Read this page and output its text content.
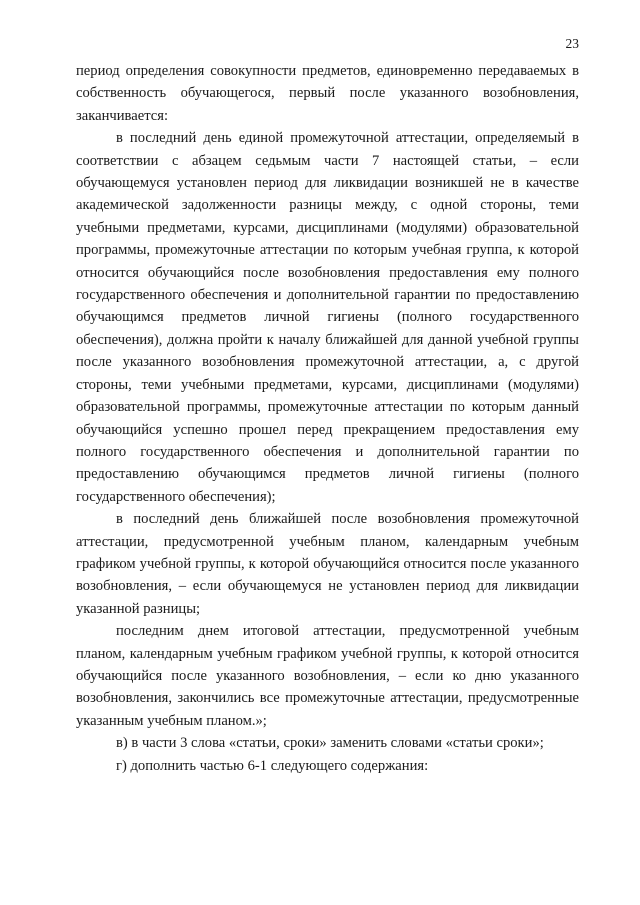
23

период определения совокупности предметов, единовременно передаваемых в собственность обучающегося, первый после указанного возобновления, заканчивается:

в последний день единой промежуточной аттестации, определяемый в соответствии с абзацем седьмым части 7 настоящей статьи, – если обучающемуся установлен период для ликвидации возникшей не в качестве академической задолженности разницы между, с одной стороны, теми учебными предметами, курсами, дисциплинами (модулями) образовательной программы, промежуточные аттестации по которым учебная группа, к которой относится обучающийся после возобновления предоставления ему полного государственного обеспечения и дополнительной гарантии по предоставлению обучающимся предметов личной гигиены (полного государственного обеспечения), должна пройти к началу ближайшей для данной учебной группы после указанного возобновления промежуточной аттестации, а, с другой стороны, теми учебными предметами, курсами, дисциплинами (модулями) образовательной программы, промежуточные аттестации по которым данный обучающийся успешно прошел перед прекращением предоставления ему полного государственного обеспечения и дополнительной гарантии по предоставлению обучающимся предметов личной гигиены (полного государственного обеспечения);

в последний день ближайшей после возобновления промежуточной аттестации, предусмотренной учебным планом, календарным учебным графиком учебной группы, к которой обучающийся относится после указанного возобновления, – если обучающемуся не установлен период для ликвидации указанной разницы;

последним днем итоговой аттестации, предусмотренной учебным планом, календарным учебным графиком учебной группы, к которой относится обучающийся после указанного возобновления, – если ко дню указанного возобновления, закончились все промежуточные аттестации, предусмотренные указанным учебным планом.»;

в) в части 3 слова «статьи, сроки» заменить словами «статьи сроки»;

г) дополнить частью 6-1 следующего содержания:
